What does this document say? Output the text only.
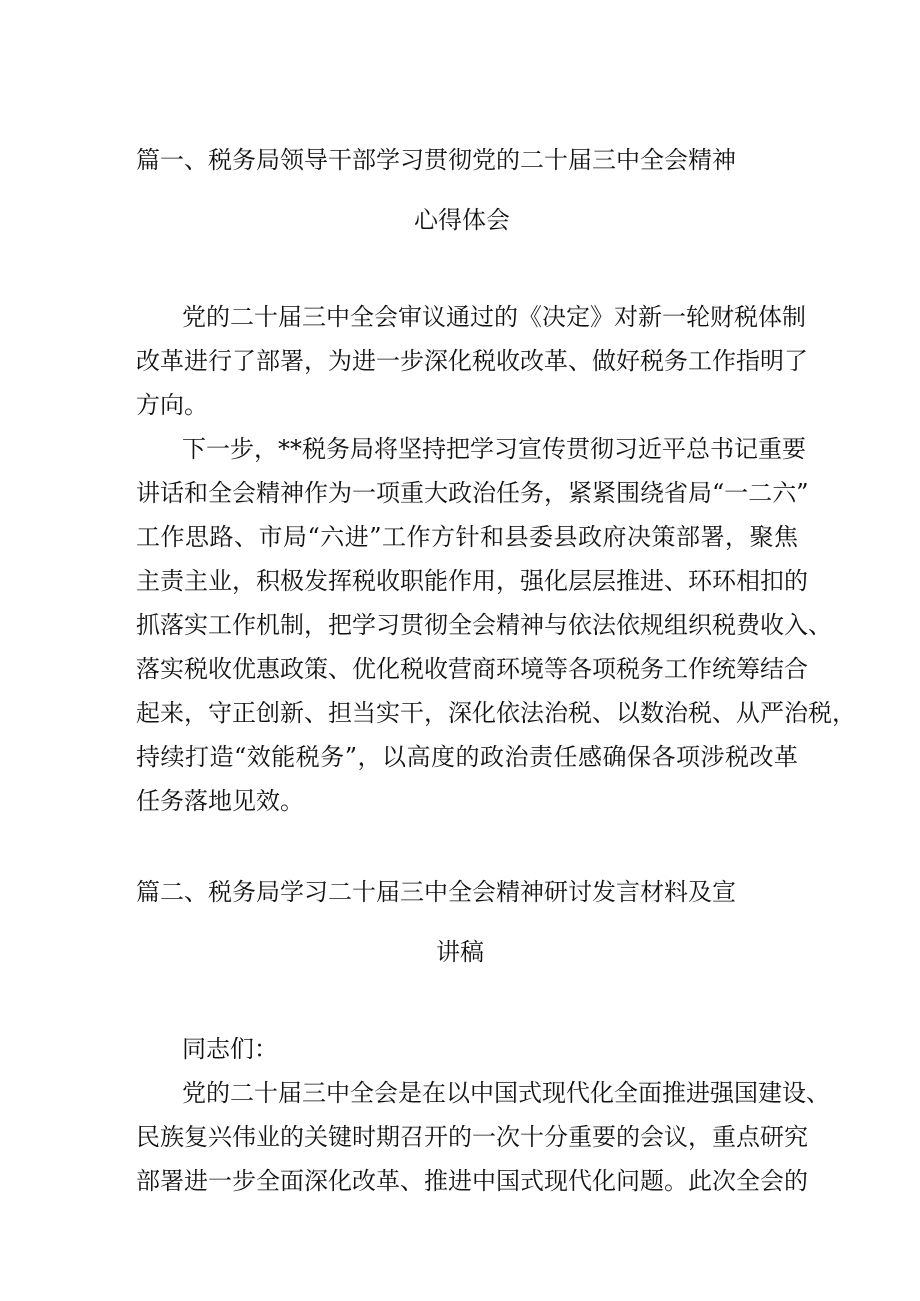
篇一、税务局领导干部学习贯彻党的二十届三中全会精神
心得体会
党的二十届三中全会审议通过的《决定》对新一轮财税体制
改革进行了部署，为进一步深化税收改革、做好税务工作指明了
方向。
下一步，**税务局将坚持把学习宣传贯彻习近平总书记重要
讲话和全会精神作为一项重大政治任务，紧紧围绕省局“一二六”
工作思路、市局“六进”工作方针和县委县政府决策部署，聚焦
主责主业，积极发挥税收职能作用，强化层层推进、环环相扣的
抓落实工作机制，把学习贯彻全会精神与依法依规组织税费收入、
落实税收优惠政策、优化税收营商环境等各项税务工作统筹结合
起来，守正创新、担当实干，深化依法治税、以数治税、从严治税，
持续打造“效能税务”，以高度的政治责任感确保各项涉税改革
任务落地见效。
篇二、税务局学习二十届三中全会精神研讨发言材料及宣
讲稿
同志们：
党的二十届三中全会是在以中国式现代化全面推进强国建设、
民族复兴伟业的关键时期召开的一次十分重要的会议，重点研究
部署进一步全面深化改革、推进中国式现代化问题。此次全会的
